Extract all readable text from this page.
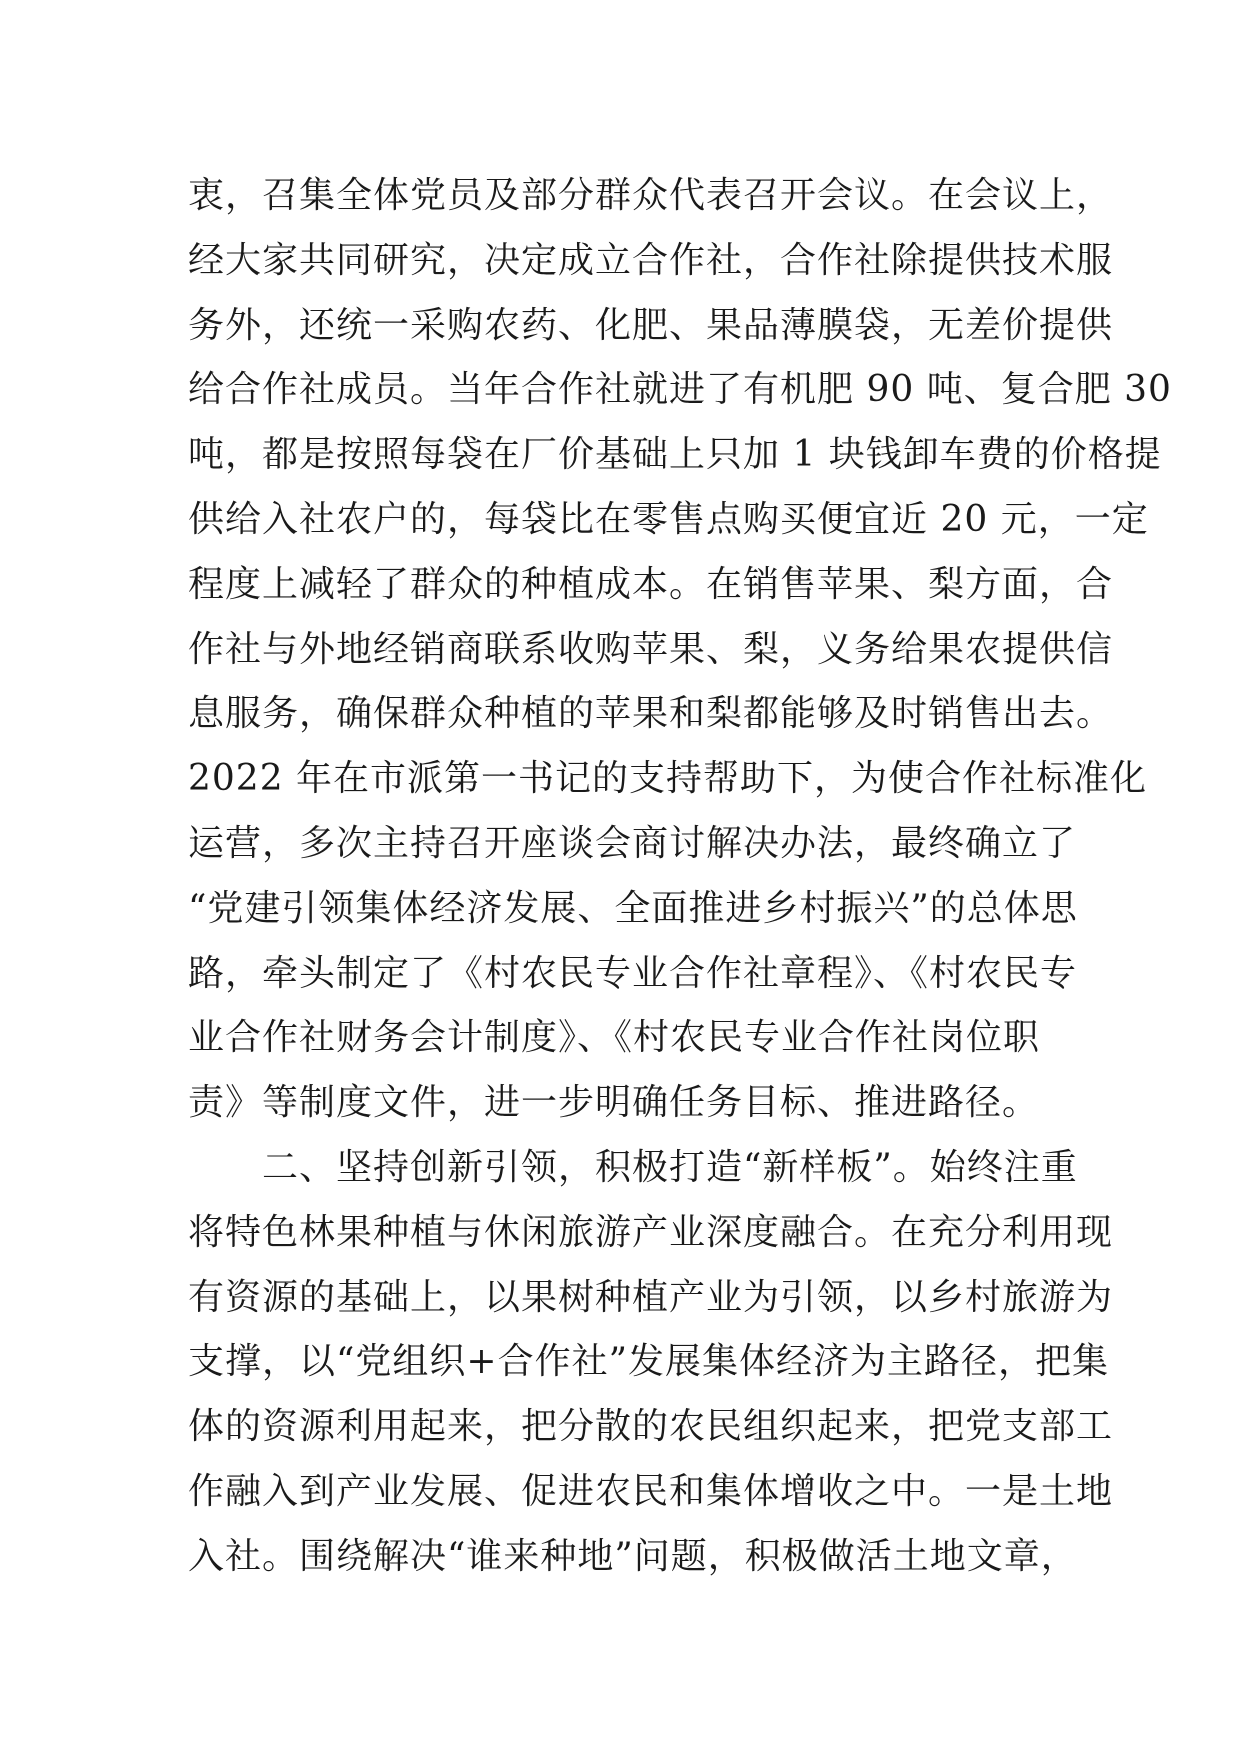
衷，召集全体党员及部分群众代表召开会议。在会议上，
经大家共同研究，决定成立合作社，合作社除提供技术服
务外，还统一采购农药、化肥、果品薄膜袋，无差价提供
给合作社成员。当年合作社就进了有机肥 90 吨、复合肥 30
吨，都是按照每袋在厂价基础上只加 1 块钱卸车费的价格提
供给入社农户的，每袋比在零售点购买便宜近 20 元，一定
程度上减轻了群众的种植成本。在销售苹果、梨方面，合
作社与外地经销商联系收购苹果、梨，义务给果农提供信
息服务，确保群众种植的苹果和梨都能够及时销售出去。
2022 年在市派第一书记的支持帮助下，为使合作社标准化
运营，多次主持召开座谈会商讨解决办法，最终确立了
“党建引领集体经济发展、全面推进乡村振兴”的总体思
路，牵头制定了《村农民专业合作社章程》、《村农民专
业合作社财务会计制度》、《村农民专业合作社岗位职
责》等制度文件，进一步明确任务目标、推进路径。
　　二、坚持创新引领，积极打造“新样板”。始终注重
将特色林果种植与休闲旅游产业深度融合。在充分利用现
有资源的基础上，以果树种植产业为引领，以乡村旅游为
支撑，以“党组织+合作社”发展集体经济为主路径，把集
体的资源利用起来，把分散的农民组织起来，把党支部工
作融入到产业发展、促进农民和集体增收之中。一是土地
入社。围绕解决“谁来种地”问题，积极做活土地文章，
